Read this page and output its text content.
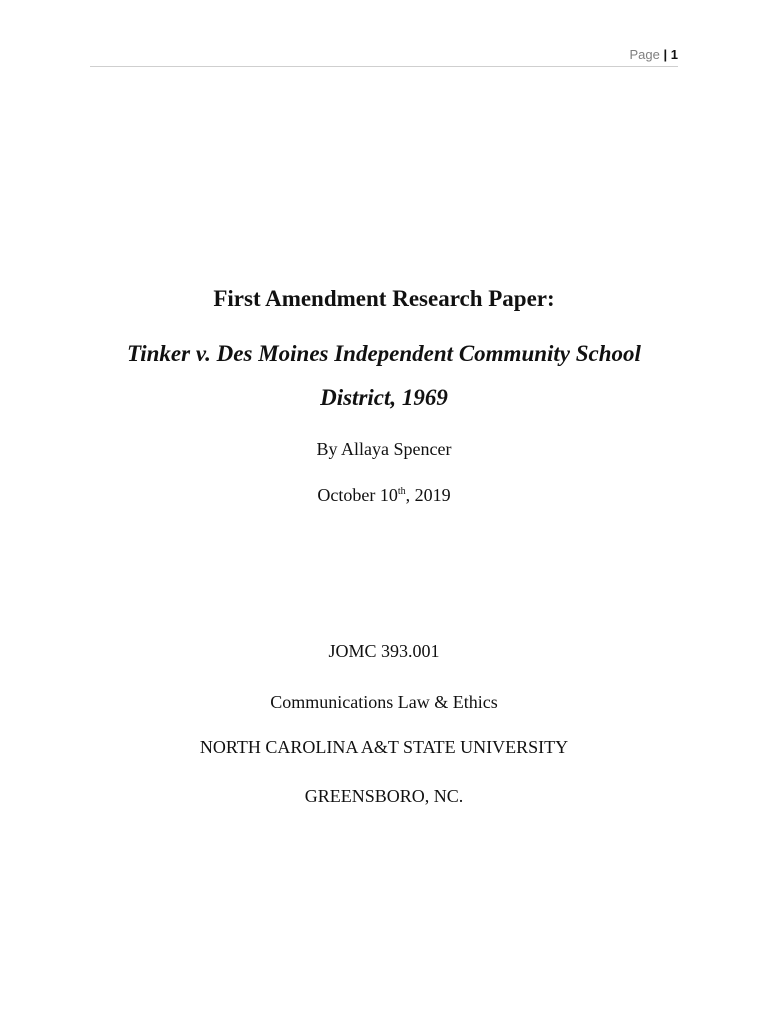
Page | 1
First Amendment Research Paper:
Tinker v. Des Moines Independent Community School
District, 1969
By Allaya Spencer
October 10th, 2019
JOMC 393.001
Communications Law & Ethics
NORTH CAROLINA A&T STATE UNIVERSITY
GREENSBORO, NC.
